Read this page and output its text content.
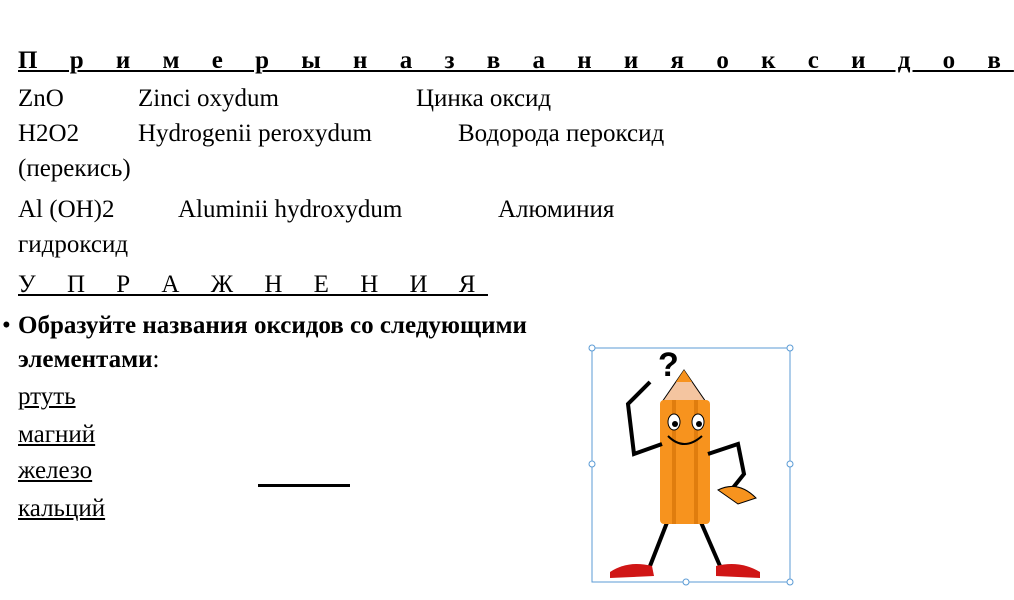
П р и м е р ы н а з в а н и я о к с и д о в
ZnO	Zinci oxydum	Цинка оксид
H2O2 Hydrogenii peroxydum	Водорода пероксид
(перекись)
Al (OH)2	Aluminii hydroxydum	Алюминия
гидроксид
У П Р А Ж Н Е Н И Я
• Образуйте названия оксидов со следующими
элементами:
ртуть
магний
железо
кальций
?
